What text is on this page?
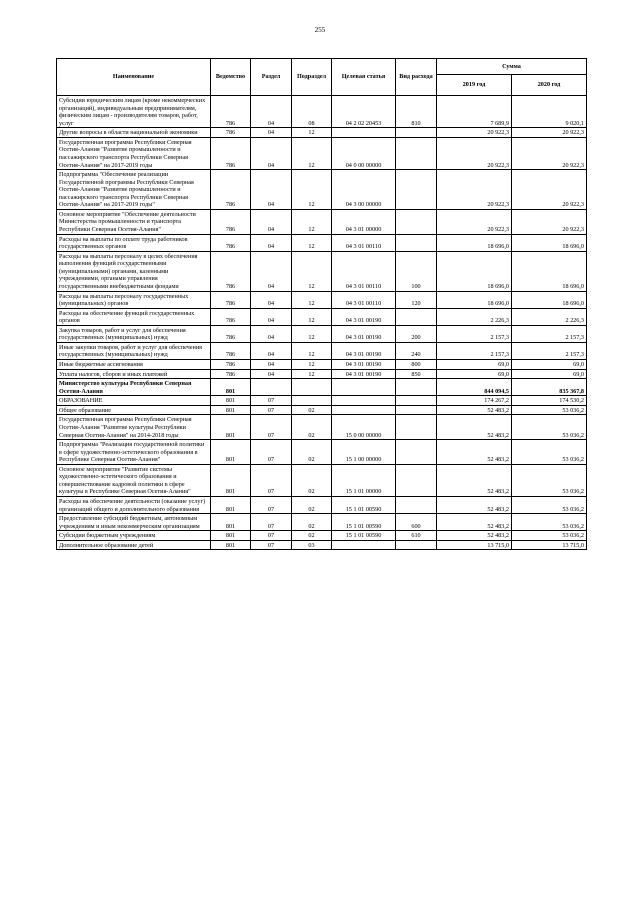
255
Наименование	Ведомство	Раздел	Подраздел	Целевая статья	Вид расхода	Сумма	
						2019 год	2020 год
Субсидии юридическим лицам (кроме некоммерческих организаций), индивидуальным предпринимателям, физическим лицам - производителям товаров, работ, услуг	786	04	08	04 2 02 20453	810	7 689,9	9 020,1
Другие вопросы в области национальной экономики	786	04	12			20 922,3	20 922,3
Государственная программа Республики Северная Осетия-Алания "Развитие промышленности и пассажирского транспорта Республики Северная Осетия-Алания" на 2017-2019 годы	786	04	12	04 0 00 00000		20 922,3	20 922,3
Подпрограмма "Обеспечение реализации Государственной программы Республики Северная Осетия-Алания "Развитие промышленности и пассажирского транспорта Республики Северная Осетия-Алания" на 2017-2019 годы"	786	04	12	04 3 00 00000		20 922,3	20 922,3
Основное мероприятие "Обеспечение деятельности Министерства промышленности и транспорта Республики Северная Осетия-Алания"	786	04	12	04 3 01 00000		20 922,3	20 922,3
Расходы на выплаты по оплате труда работников государственных органов	786	04	12	04 3 01 00110		18 696,0	18 696,0
Расходы на выплаты персоналу в целях обеспечения выполнения функций государственными (муниципальными) органами, казенными учреждениями, органами управления государственными внебюджетными фондами	786	04	12	04 3 01 00110	100	18 696,0	18 696,0
Расходы на выплаты персоналу государственных (муниципальных) органов	786	04	12	04 3 01 00110	120	18 696,0	18 696,0
Расходы на обеспечение функций государственных органов	786	04	12	04 3 01 00190		2 226,3	2 226,3
Закупка товаров, работ и услуг для обеспечения государственных (муниципальных) нужд	786	04	12	04 3 01 00190	200	2 157,3	2 157,3
Иные закупки товаров, работ и услуг для обеспечения государственных (муниципальных) нужд	786	04	12	04 3 01 00190	240	2 157,3	2 157,3
Иные бюджетные ассигнования	786	04	12	04 3 01 00190	800	69,0	69,0
Уплата налогов, сборов и иных платежей	786	04	12	04 3 01 00190	850	69,0	69,0
Министерство культуры Республики Северная Осетия-Алания	801					844 094,5	835 367,8
ОБРАЗОВАНИЕ	801	07				174 267,2	174 530,2
Общее образование	801	07	02			52 483,2	53 036,2
Государственная программа Республики Северная Осетия-Алания "Развитие культуры Республики Северная Осетия-Алания" на 2014-2018 годы	801	07	02	15 0 00 00000		52 483,2	53 036,2
Подпрограмма "Реализация государственной политики в сфере художественно-эстетического образования в Республике Северная Осетия-Алания"	801	07	02	15 1 00 00000		52 483,2	53 036,2
Основное мероприятие "Развитие системы художественно-эстетического образования и совершенствование кадровой политики в сфере культуры в Республике Северная Осетия-Алания"	801	07	02	15 1 01 00000		52 483,2	53 036,2
Расходы на обеспечение деятельности (оказание услуг) организаций общего и дополнительного образования	801	07	02	15 1 01 00590		52 483,2	53 036,2
Предоставление субсидий бюджетным, автономным учреждениям и иным некоммерческим организациям	801	07	02	15 1 01 00590	600	52 483,2	53 036,2
Субсидии бюджетным учреждениям	801	07	02	15 1 01 00590	610	52 483,2	53 036,2
Дополнительное образование детей	801	07	03			13 715,0	13 715,0
